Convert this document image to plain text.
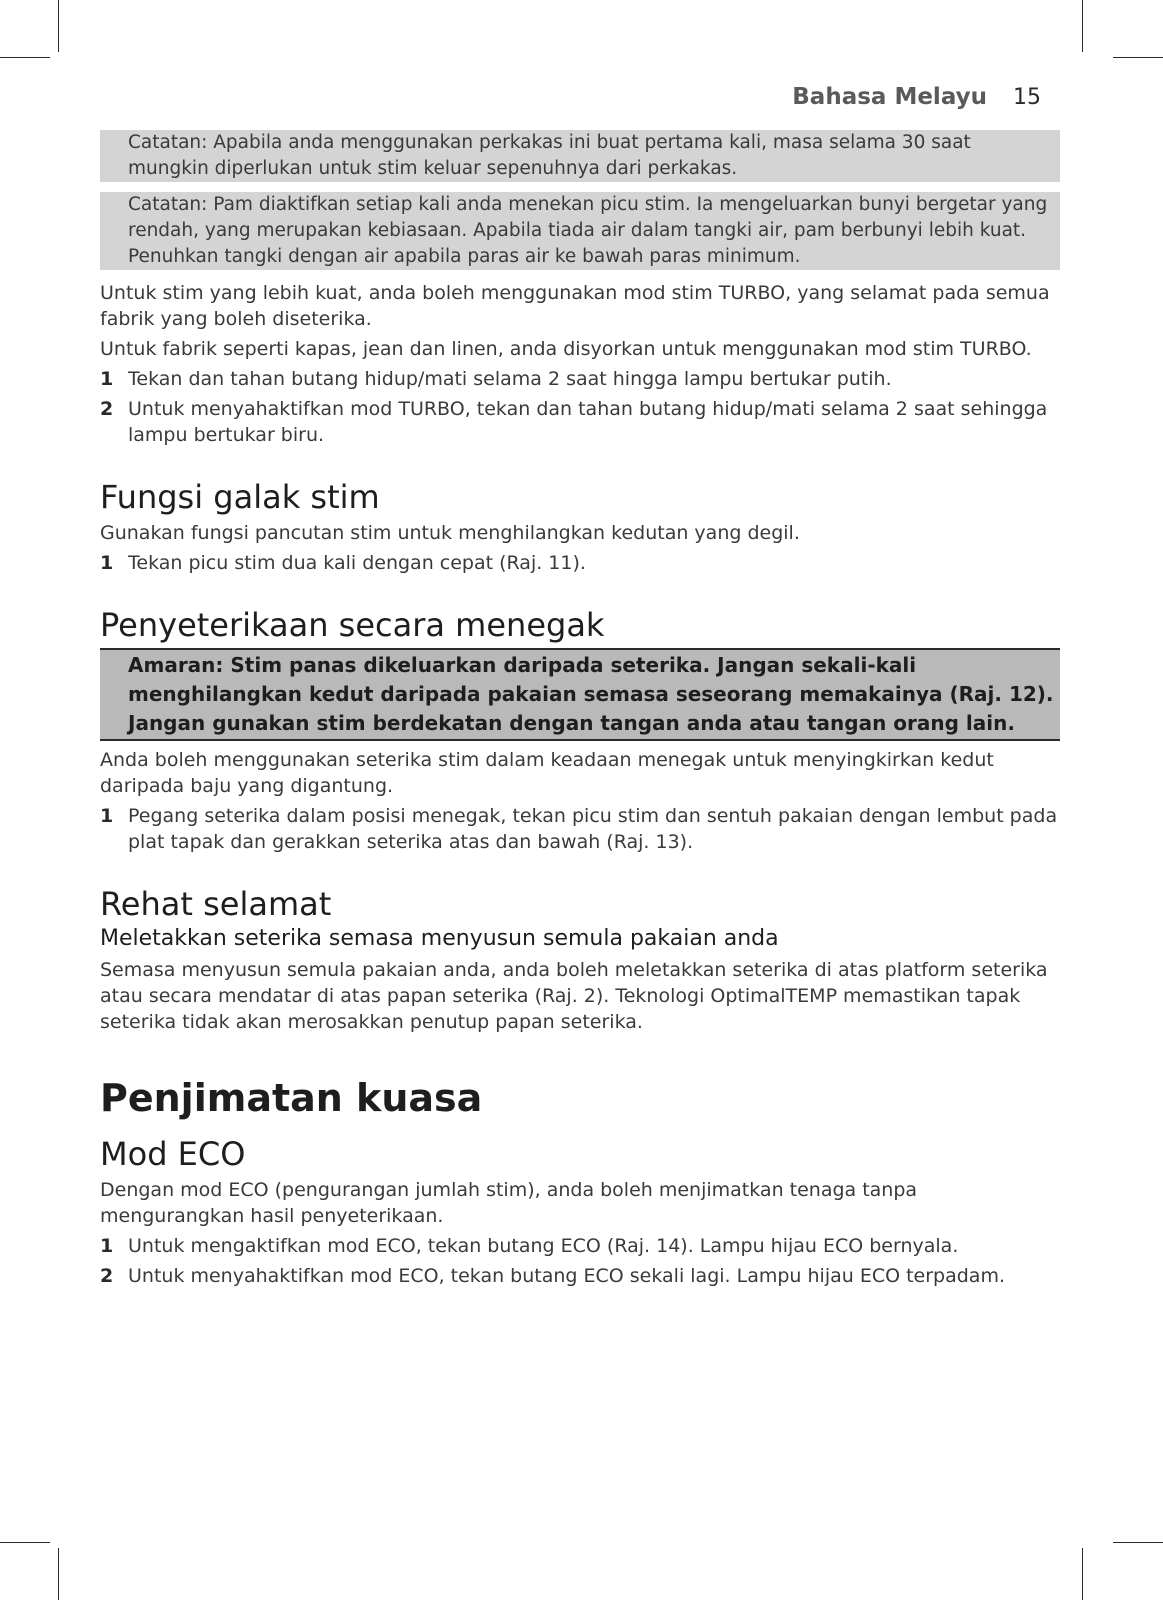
Bahasa Melayu 15
Catatan: Apabila anda menggunakan perkakas ini buat pertama kali, masa selama 30 saat mungkin diperlukan untuk stim keluar sepenuhnya dari perkakas.
Catatan: Pam diaktifkan setiap kali anda menekan picu stim. Ia mengeluarkan bunyi bergetar yang rendah, yang merupakan kebiasaan. Apabila tiada air dalam tangki air, pam berbunyi lebih kuat. Penuhkan tangki dengan air apabila paras air ke bawah paras minimum.

Untuk stim yang lebih kuat, anda boleh menggunakan mod stim TURBO, yang selamat pada semua fabrik yang boleh diseterika.

Untuk fabrik seperti kapas, jean dan linen, anda disyorkan untuk menggunakan mod stim TURBO.

1 Tekan dan tahan butang hidup/mati selama 2 saat hingga lampu bertukar putih.
2 Untuk menyahaktifkan mod TURBO, tekan dan tahan butang hidup/mati selama 2 saat sehingga lampu bertukar biru.
Fungsi galak stim

Gunakan fungsi pancutan stim untuk menghilangkan kedutan yang degil.

1 Tekan picu stim dua kali dengan cepat (Raj. 11).
Penyeterikaan secara menegak
Amaran: Stim panas dikeluarkan daripada seterika. Jangan sekali-kali menghilangkan kedut daripada pakaian semasa seseorang memakainya (Raj. 12). Jangan gunakan stim berdekatan dengan tangan anda atau tangan orang lain.

Anda boleh menggunakan seterika stim dalam keadaan menegak untuk menyingkirkan kedut daripada baju yang digantung.

1 Pegang seterika dalam posisi menegak, tekan picu stim dan sentuh pakaian dengan lembut pada plat tapak dan gerakkan seterika atas dan bawah (Raj. 13).
Rehat selamat
Meletakkan seterika semasa menyusun semula pakaian anda

Semasa menyusun semula pakaian anda, anda boleh meletakkan seterika di atas platform seterika atau secara mendatar di atas papan seterika (Raj. 2). Teknologi OptimalTEMP memastikan tapak seterika tidak akan merosakkan penutup papan seterika.

Penjimatan kuasa
Mod ECO

Dengan mod ECO (pengurangan jumlah stim), anda boleh menjimatkan tenaga tanpa mengurangkan hasil penyeterikaan.

1 Untuk mengaktifkan mod ECO, tekan butang ECO (Raj. 14). Lampu hijau ECO bernyala.
2 Untuk menyahaktifkan mod ECO, tekan butang ECO sekali lagi. Lampu hijau ECO terpadam.
